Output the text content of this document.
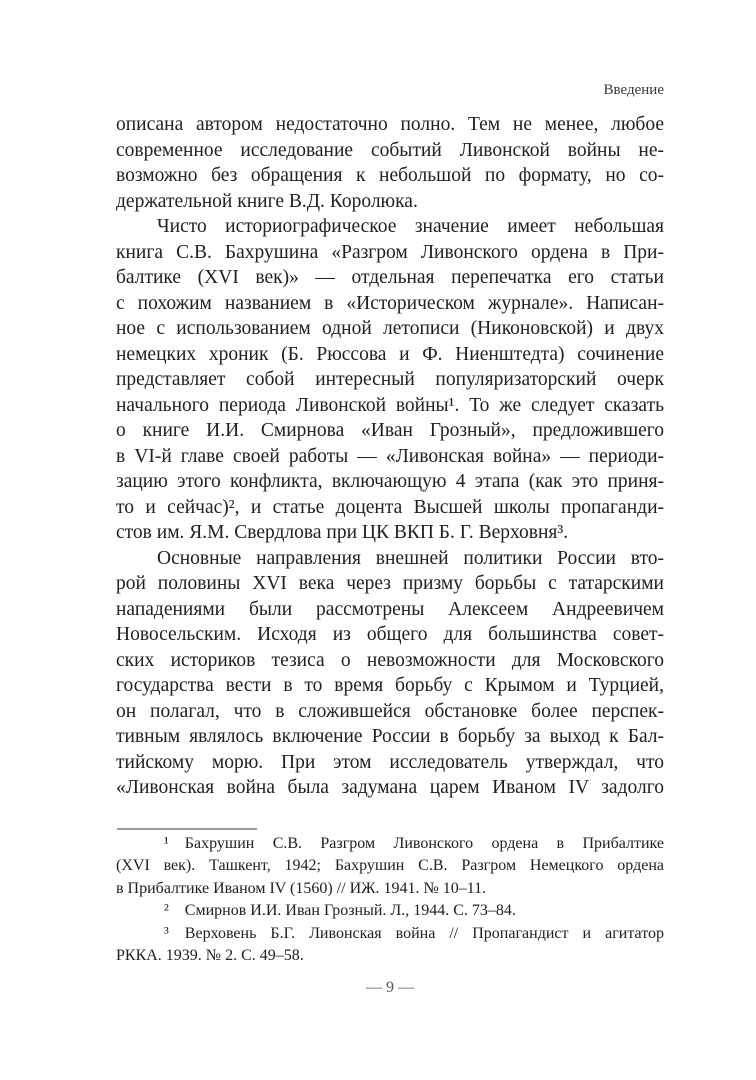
Введение
описана автором недостаточно полно. Тем не менее, любое
современное исследование событий Ливонской войны не-
возможно без обращения к небольшой по формату, но со-
держательной книге В.Д. Королюка.
Чисто историографическое значение имеет небольшая
книга С.В. Бахрушина «Разгром Ливонского ордена в При-
балтике (XVI век)» — отдельная перепечатка его статьи
с похожим названием в «Историческом журнале». Написан-
ное с использованием одной летописи (Никоновской) и двух
немецких хроник (Б. Рюссова и Ф. Ниенштедта) сочинение
представляет собой интересный популяризаторский очерк
начального периода Ливонской войны¹. То же следует сказать
о книге И.И. Смирнова «Иван Грозный», предложившего
в VI-й главе своей работы — «Ливонская война» — периоди-
зацию этого конфликта, включающую 4 этапа (как это приня-
то и сейчас)², и статье доцента Высшей школы пропаганди-
стов им. Я.М. Свердлова при ЦК ВКП Б. Г. Верховня³.
Основные направления внешней политики России вто-
рой половины XVI века через призму борьбы с татарскими
нападениями были рассмотрены Алексеем Андреевичем
Новосельским. Исходя из общего для большинства совет-
ских историков тезиса о невозможности для Московского
государства вести в то время борьбу с Крымом и Турцией,
он полагал, что в сложившейся обстановке более перспек-
тивным являлось включение России в борьбу за выход к Бал-
тийскому морю. При этом исследователь утверждал, что
«Ливонская война была задумана царем Иваном IV задолго
¹ Бахрушин С.В. Разгром Ливонского ордена в Прибалтике
(XVI век). Ташкент, 1942; Бахрушин С.В. Разгром Немецкого ордена
в Прибалтике Иваном IV (1560) // ИЖ. 1941. № 10–11.
² Смирнов И.И. Иван Грозный. Л., 1944. С. 73–84.
³ Верховень Б.Г. Ливонская война // Пропагандист и агитатор
РККА. 1939. № 2. С. 49–58.
— 9 —
